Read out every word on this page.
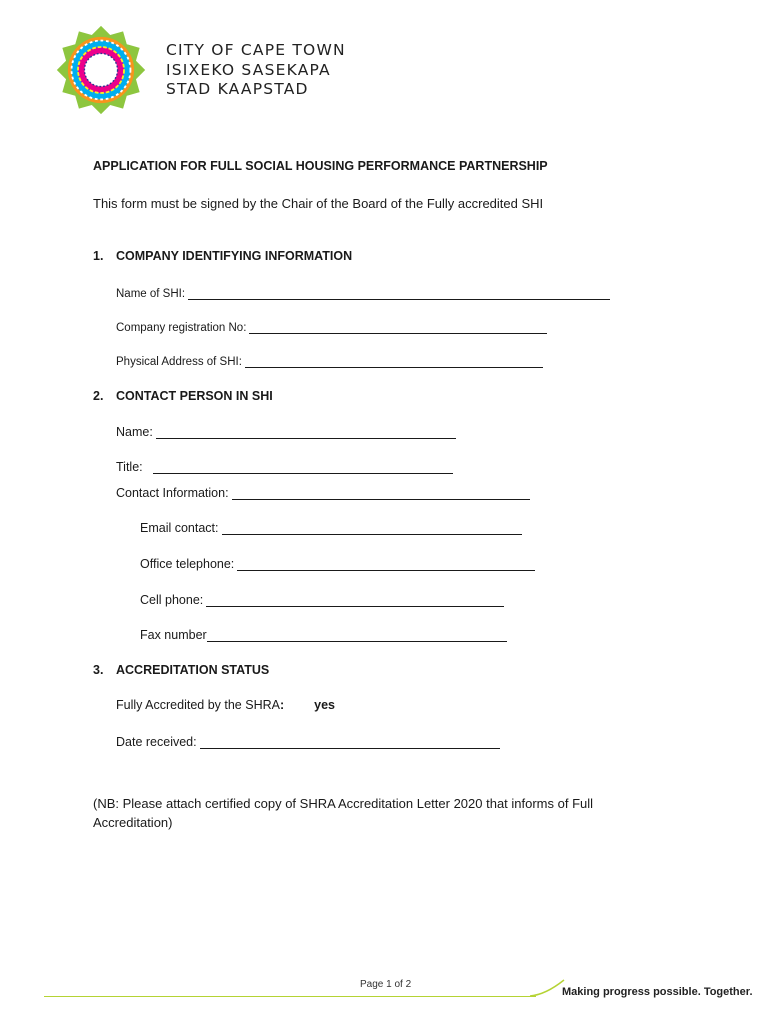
CITY OF CAPE TOWN
ISIXEKO SASEKAPA
STAD KAAPSTAD
APPLICATION FOR FULL SOCIAL HOUSING PERFORMANCE PARTNERSHIP
This form must be signed by the Chair of the Board of the Fully accredited SHI
1. COMPANY IDENTIFYING INFORMATION
Name of SHI:
Company registration No:
Physical Address of SHI:
2. CONTACT PERSON IN SHI
Name:
Title:
Contact Information:
Email contact:
Office telephone:
Cell phone:
Fax number
3. ACCREDITATION STATUS
Fully Accredited by the SHRA: yes
Date received:
(NB: Please attach certified copy of SHRA Accreditation Letter 2020 that informs of Full Accreditation)
Page 1 of 2
Making progress possible. Together.
